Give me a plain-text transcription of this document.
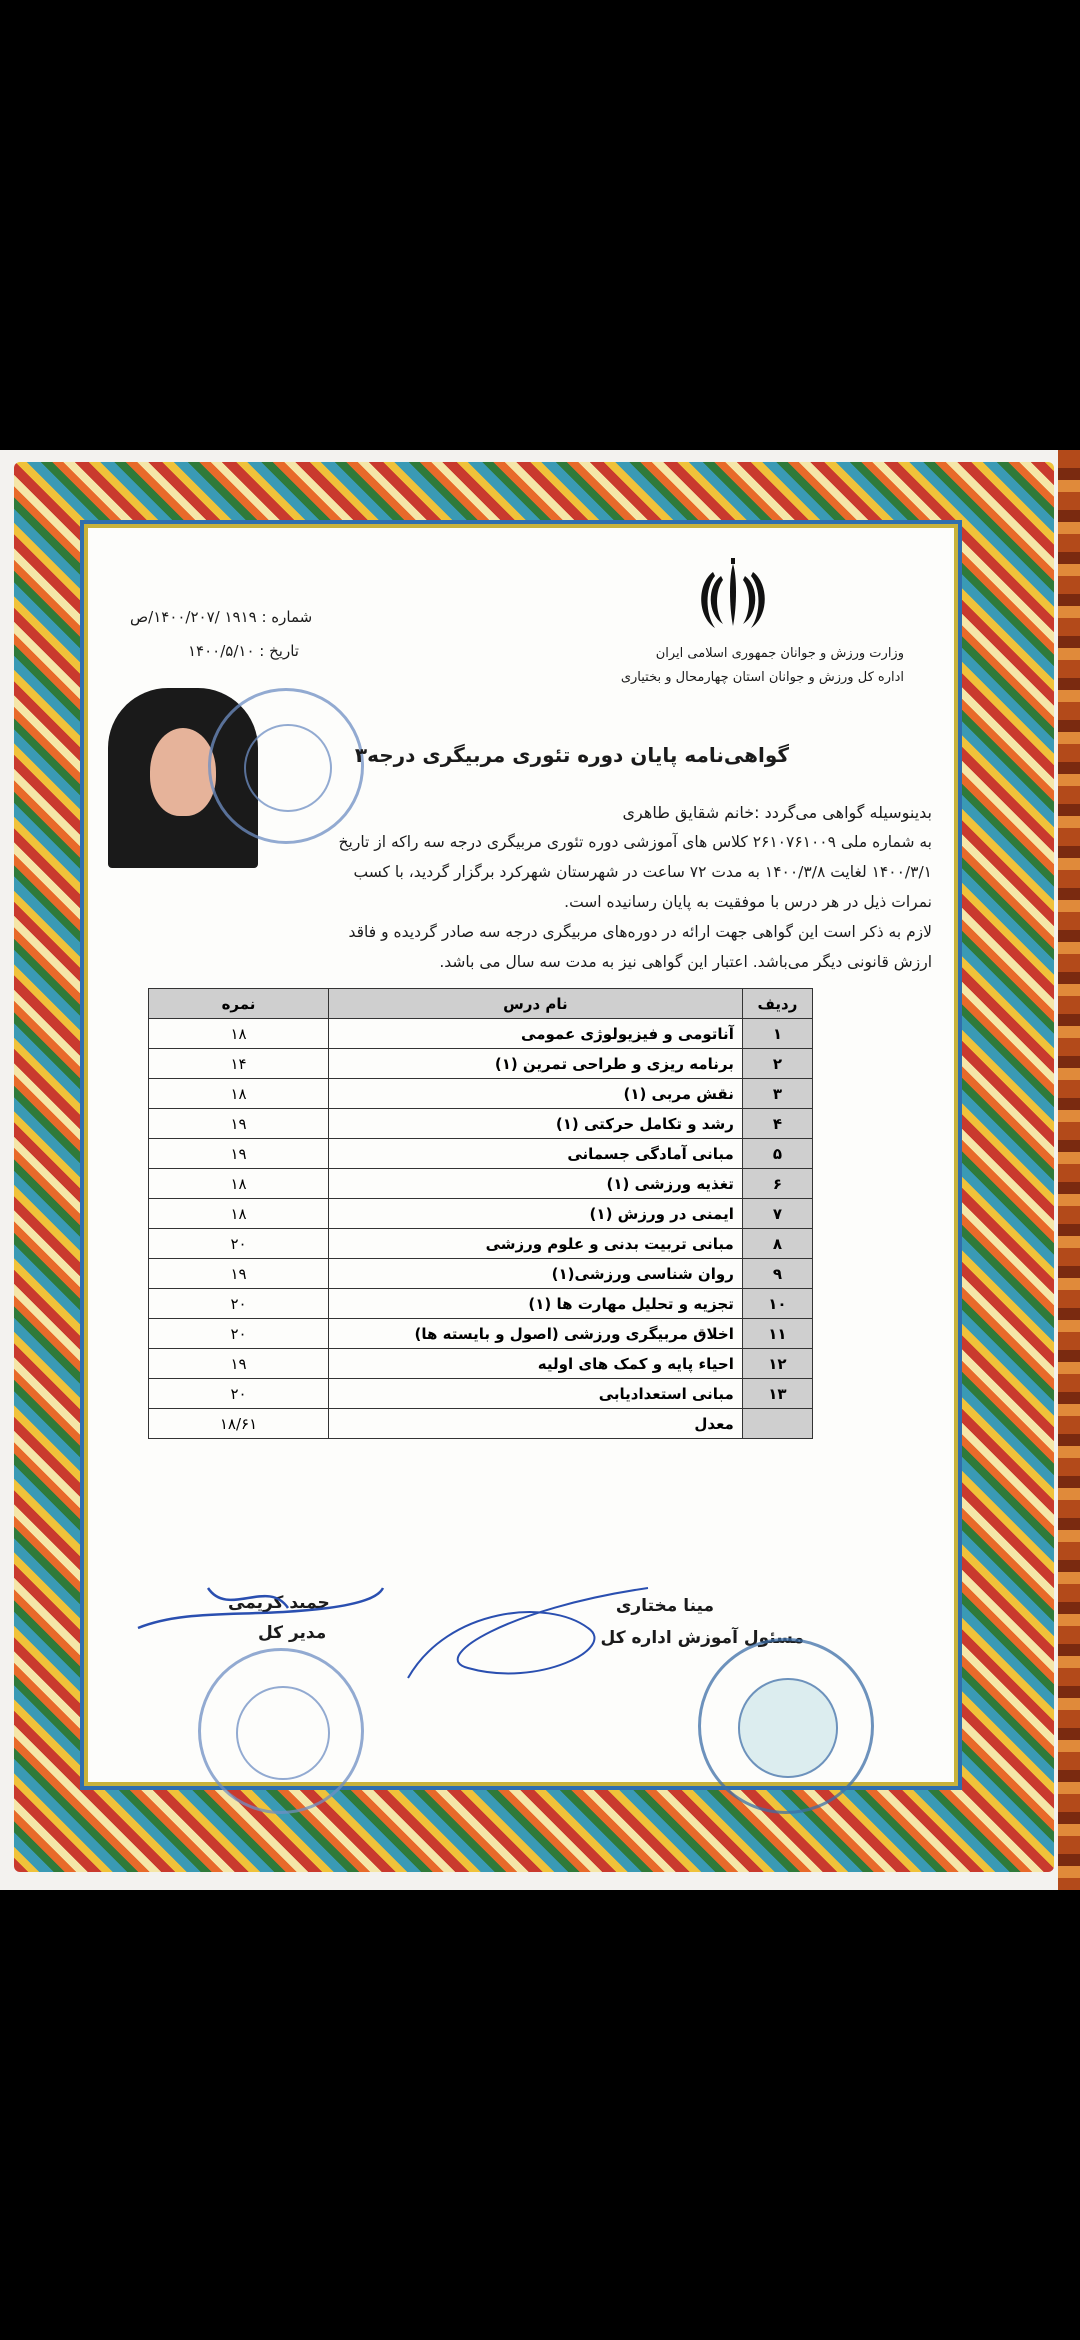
وزارت ورزش و جوانان جمهوری اسلامی ایران
اداره کل ورزش و جوانان استان چهارمحال و بختیاری
شماره : ۱۹۱۹ /۱۴۰۰/۲۰۷/ص
تاریخ : ۱۴۰۰/۵/۱۰
گواهی‌نامه پایان دوره تئوری مربیگری درجه۳
بدینوسیله گواهی می‌گردد :خانم شقایق طاهری
به شماره ملی ۲۶۱۰۷۶۱۰۰۹ کلاس های آموزشی دوره تئوری مربیگری درجه سه راکه از تاریخ
۱۴۰۰/۳/۱ لغایت ۱۴۰۰/۳/۸ به مدت ۷۲ ساعت در شهرستان شهرکرد برگزار گردید، با کسب
نمرات ذیل در هر درس با موفقیت به پایان رسانیده است.
لازم به ذکر است این گواهی جهت ارائه در دوره‌های مربیگری درجه سه صادر گردیده و فاقد
ارزش قانونی دیگر می‌باشد. اعتبار این گواهی نیز به مدت سه سال می باشد.
ردیف	نام درس	نمره
۱	آناتومی و فیزیولوژی عمومی	۱۸
۲	برنامه ریزی و طراحی تمرین (۱)	۱۴
۳	نقش مربی (۱)	۱۸
۴	رشد و تکامل حرکتی (۱)	۱۹
۵	مبانی آمادگی جسمانی	۱۹
۶	تغذیه ورزشی (۱)	۱۸
۷	ایمنی در ورزش (۱)	۱۸
۸	مبانی تربیت بدنی و علوم ورزشی	۲۰
۹	روان شناسی ورزشی(۱)	۱۹
۱۰	تجزیه و تحلیل مهارت ها (۱)	۲۰
۱۱	اخلاق مربیگری ورزشی (اصول و بایسته ها)	۲۰
۱۲	احیاء پایه و کمک های اولیه	۱۹
۱۳	مبانی استعدادیابی	۲۰
	معدل	۱۸/۶۱
مینا مختاری
مسئول آموزش اداره کل
حمید کریمی
مدیر کل
